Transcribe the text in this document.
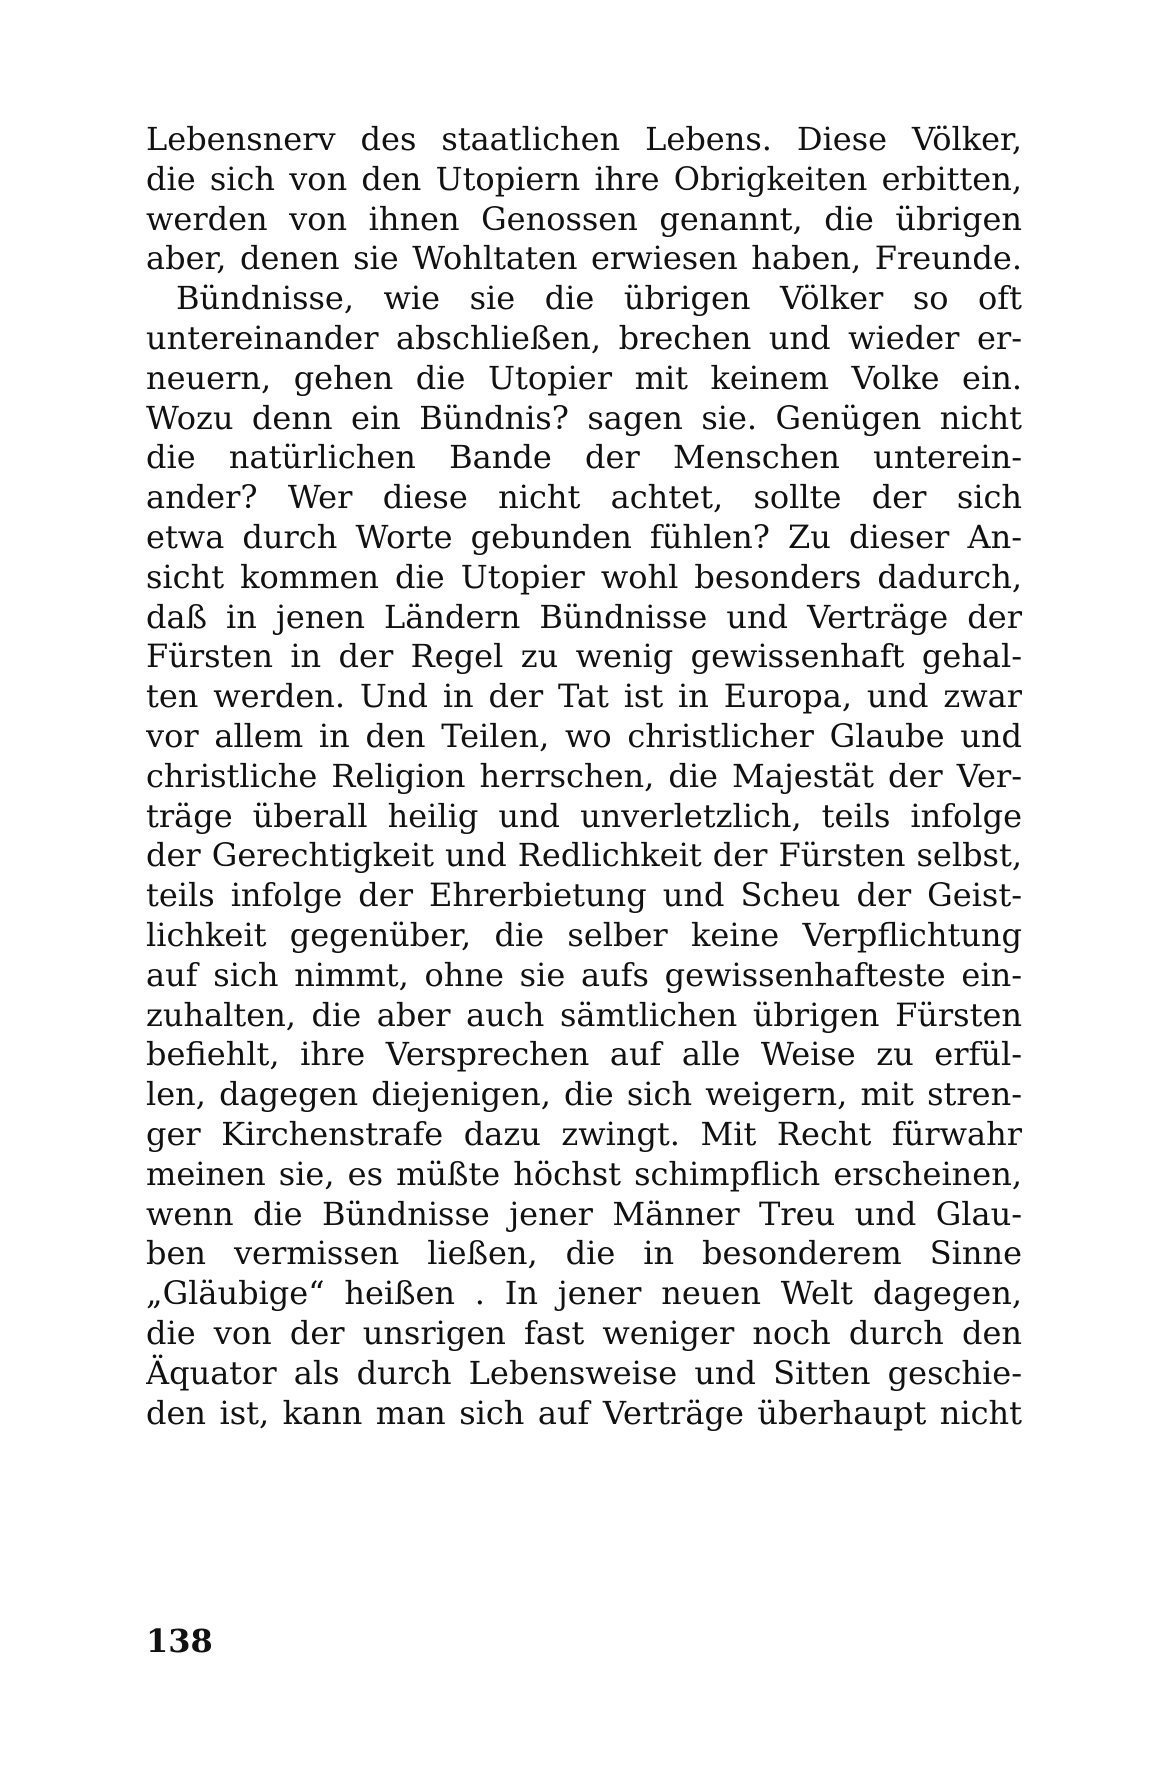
Lebensnerv des staatlichen Lebens. Diese Völker,
die sich von den Utopiern ihre Obrigkeiten erbitten,
werden von ihnen Genossen genannt, die übrigen
aber, denen sie Wohltaten erwiesen haben, Freunde.
Bündnisse, wie sie die übrigen Völker so oft
untereinander abschließen, brechen und wieder er-
neuern, gehen die Utopier mit keinem Volke ein.
Wozu denn ein Bündnis? sagen sie. Genügen nicht
die natürlichen Bande der Menschen unterein-
ander? Wer diese nicht achtet, sollte der sich
etwa durch Worte gebunden fühlen? Zu dieser An-
sicht kommen die Utopier wohl besonders dadurch,
daß in jenen Ländern Bündnisse und Verträge der
Fürsten in der Regel zu wenig gewissenhaft gehal-
ten werden. Und in der Tat ist in Europa, und zwar
vor allem in den Teilen, wo christlicher Glaube und
christliche Religion herrschen, die Majestät der Ver-
träge überall heilig und unverletzlich, teils infolge
der Gerechtigkeit und Redlichkeit der Fürsten selbst,
teils infolge der Ehrerbietung und Scheu der Geist-
lichkeit gegenüber, die selber keine Verpflichtung
auf sich nimmt, ohne sie aufs gewissenhafteste ein-
zuhalten, die aber auch sämtlichen übrigen Fürsten
befiehlt, ihre Versprechen auf alle Weise zu erfül-
len, dagegen diejenigen, die sich weigern, mit stren-
ger Kirchenstrafe dazu zwingt. Mit Recht fürwahr
meinen sie, es müßte höchst schimpflich erscheinen,
wenn die Bündnisse jener Männer Treu und Glau-
ben vermissen ließen, die in besonderem Sinne
„Gläubige“ heißen . In jener neuen Welt dagegen,
die von der unsrigen fast weniger noch durch den
Äquator als durch Lebensweise und Sitten geschie-
den ist, kann man sich auf Verträge überhaupt nicht
138
